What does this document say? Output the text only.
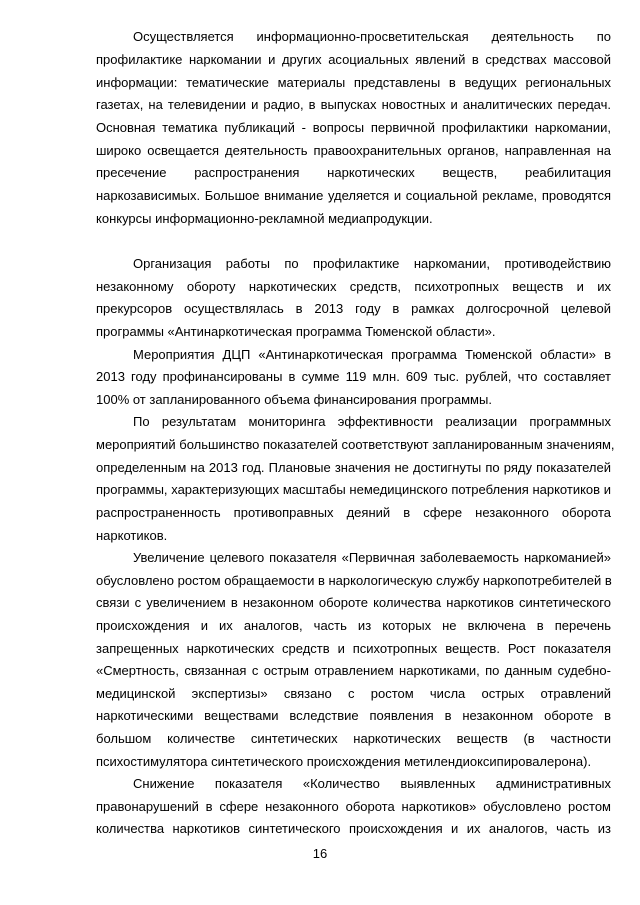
Осуществляется информационно-просветительская деятельность по
профилактике наркомании и других асоциальных явлений в средствах массовой
информации: тематические материалы представлены в ведущих региональных
газетах, на телевидении и радио, в выпусках новостных и аналитических передач.
Основная тематика публикаций - вопросы первичной профилактики наркомании,
широко освещается деятельность правоохранительных органов, направленная на
пресечение распространения наркотических веществ, реабилитация
наркозависимых. Большое внимание уделяется и социальной рекламе, проводятся
конкурсы информационно-рекламной медиапродукции.
Организация работы по профилактике наркомании, противодействию
незаконному обороту наркотических средств, психотропных веществ и их
прекурсоров осуществлялась в 2013 году в рамках долгосрочной целевой
программы «Антинаркотическая программа Тюменской области».
Мероприятия ДЦП «Антинаркотическая программа Тюменской области» в
2013 году профинансированы в сумме 119 млн. 609 тыс. рублей, что составляет
100% от запланированного объема финансирования программы.
По результатам мониторинга эффективности реализации программных
мероприятий большинство показателей соответствуют запланированным значениям,
определенным на 2013 год. Плановые значения не достигнуты по ряду показателей
программы, характеризующих масштабы немедицинского потребления наркотиков и
распространенность противоправных деяний в сфере незаконного оборота
наркотиков.
Увеличение целевого показателя «Первичная заболеваемость наркоманией»
обусловлено ростом обращаемости в наркологическую службу наркопотребителей в
связи с увеличением в незаконном обороте количества наркотиков синтетического
происхождения и их аналогов, часть из которых не включена в перечень
запрещенных наркотических средств и психотропных веществ. Рост показателя
«Смертность, связанная с острым отравлением наркотиками, по данным судебно-
медицинской экспертизы» связано с ростом числа острых отравлений
наркотическими веществами вследствие появления в незаконном обороте в
большом количестве синтетических наркотических веществ (в частности
психостимулятора синтетического происхождения метилендиоксипировалерона).
Снижение показателя «Количество выявленных административных
правонарушений в сфере незаконного оборота наркотиков» обусловлено ростом
количества наркотиков синтетического происхождения и их аналогов, часть из
16
